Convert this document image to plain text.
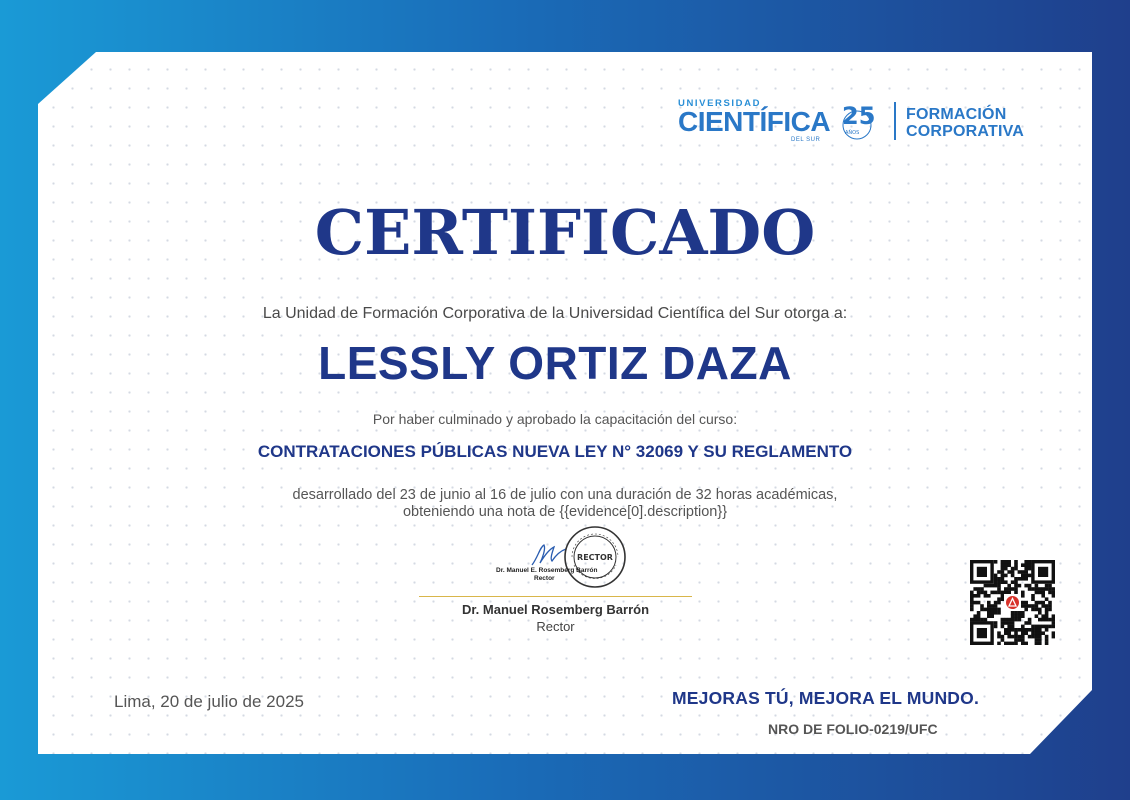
UNIVERSIDAD
CIENTÍFICA
DEL SUR
25
AÑOS
FORMACIÓN
CORPORATIVA
CERTIFICADO
La Unidad de Formación Corporativa de la Universidad Científica del Sur otorga a:
LESSLY ORTIZ DAZA
Por haber culminado y aprobado la capacitación del curso:
CONTRATACIONES PÚBLICAS NUEVA LEY N° 32069 Y SU REGLAMENTO
desarrollado del 23 de junio al 16 de julio con una duración de 32 horas académicas,
obteniendo una nota de {{evidence[0].description}}
RECTOR
Dr. Manuel E. Rosemberg Barrón
Rector
Dr. Manuel Rosemberg Barrón
Rector
Lima, 20 de julio de 2025	MEJORAS TÚ, MEJORA EL MUNDO.
NRO DE FOLIO-0219/UFC
